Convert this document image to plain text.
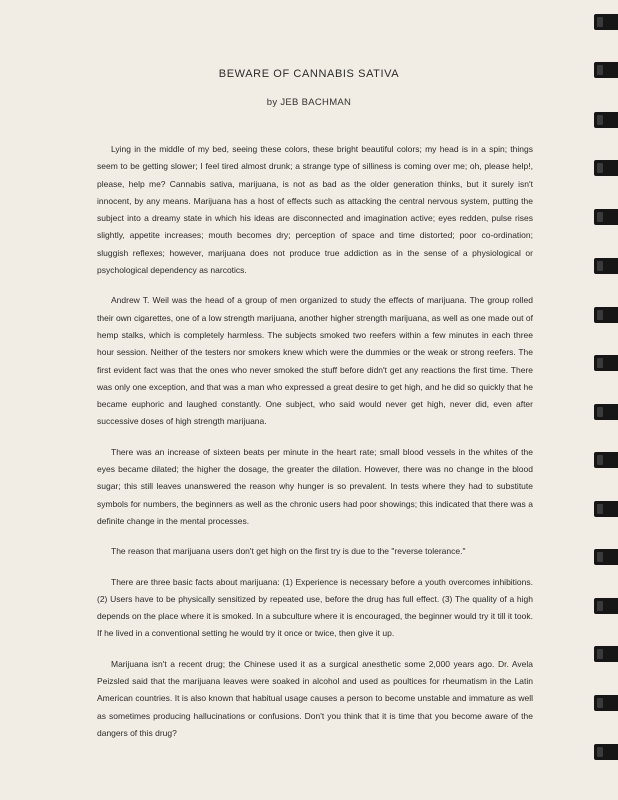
BEWARE OF CANNABIS SATIVA
by JEB BACHMAN

Lying in the middle of my bed, seeing these colors, these bright beautiful colors; my head is in a spin; things seem to be getting slower; I feel tired almost drunk; a strange type of silliness is coming over me; oh, please help!, please, help me? Cannabis sativa, marijuana, is not as bad as the older generation thinks, but it surely isn't innocent, by any means. Marijuana has a host of effects such as attacking the central nervous system, putting the subject into a dreamy state in which his ideas are disconnected and imagination active; eyes redden, pulse rises slightly, appetite increases; mouth becomes dry; perception of space and time distorted; poor co-ordination; sluggish reflexes; however, marijuana does not produce true addiction as in the sense of a physiological or psychological dependency as narcotics.

Andrew T. Weil was the head of a group of men organized to study the effects of marijuana. The group rolled their own cigarettes, one of a low strength marijuana, another higher strength marijuana, as well as one made out of hemp stalks, which is completely harmless. The subjects smoked two reefers within a few minutes in each three hour session. Neither of the testers nor smokers knew which were the dummies or the weak or strong reefers. The first evident fact was that the ones who never smoked the stuff before didn't get any reactions the first time. There was only one exception, and that was a man who expressed a great desire to get high, and he did so quickly that he became euphoric and laughed constantly. One subject, who said would never get high, never did, even after successive doses of high strength marijuana.

There was an increase of sixteen beats per minute in the heart rate; small blood vessels in the whites of the eyes became dilated; the higher the dosage, the greater the dilation. However, there was no change in the blood sugar; this still leaves unanswered the reason why hunger is so prevalent. In tests where they had to substitute symbols for numbers, the beginners as well as the chronic users had poor showings; this indicated that there was a definite change in the mental processes.

The reason that marijuana users don't get high on the first try is due to the "reverse tolerance."

There are three basic facts about marijuana: (1) Experience is necessary before a youth overcomes inhibitions. (2) Users have to be physically sensitized by repeated use, before the drug has full effect. (3) The quality of a high depends on the place where it is smoked. In a subculture where it is encouraged, the beginner would try it till it took. If he lived in a conventional setting he would try it once or twice, then give it up.

Marijuana isn't a recent drug; the Chinese used it as a surgical anesthetic some 2,000 years ago. Dr. Avela Peizsled said that the marijuana leaves were soaked in alcohol and used as poultices for rheumatism in the Latin American countries. It is also known that habitual usage causes a person to become unstable and immature as well as sometimes producing hallucinations or confusions. Don't you think that it is time that you become aware of the dangers of this drug?
